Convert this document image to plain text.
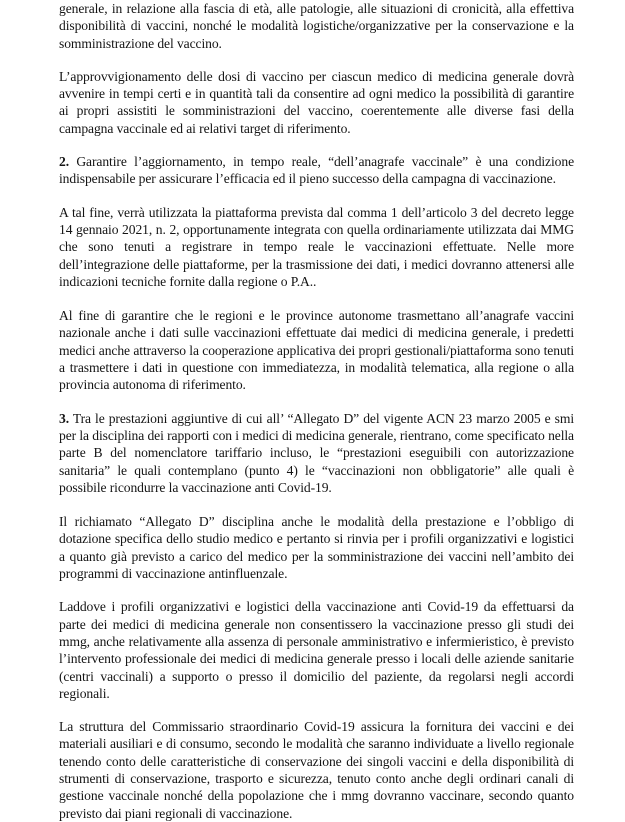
generale, in relazione alla fascia di età, alle patologie, alle situazioni di cronicità, alla effettiva disponibilità di vaccini, nonché le modalità logistiche/organizzative per la conservazione e la somministrazione del vaccino.

L’approvvigionamento delle dosi di vaccino per ciascun medico di medicina generale dovrà avvenire in tempi certi e in quantità tali da consentire ad ogni medico la possibilità di garantire ai propri assistiti le somministrazioni del vaccino, coerentemente alle diverse fasi della campagna vaccinale ed ai relativi target di riferimento.

2. Garantire l’aggiornamento, in tempo reale, “dell’anagrafe vaccinale” è una condizione indispensabile per assicurare l’efficacia ed il pieno successo della campagna di vaccinazione.

A tal fine, verrà utilizzata la piattaforma prevista dal comma 1 dell’articolo 3 del decreto legge 14 gennaio 2021, n. 2, opportunamente integrata con quella ordinariamente utilizzata dai MMG che sono tenuti a registrare in tempo reale le vaccinazioni effettuate. Nelle more dell’integrazione delle piattaforme, per la trasmissione dei dati, i medici dovranno attenersi alle indicazioni tecniche fornite dalla regione o P.A..

Al fine di garantire che le regioni e le province autonome trasmettano all’anagrafe vaccini nazionale anche i dati sulle vaccinazioni effettuate dai medici di medicina generale, i predetti medici anche attraverso la cooperazione applicativa dei propri gestionali/piattaforma sono tenuti a trasmettere i dati in questione con immediatezza, in modalità telematica, alla regione o alla provincia autonoma di riferimento.

3. Tra le prestazioni aggiuntive di cui all’ “Allegato D” del vigente ACN 23 marzo 2005 e smi per la disciplina dei rapporti con i medici di medicina generale, rientrano, come specificato nella parte B del nomenclatore tariffario incluso, le “prestazioni eseguibili con autorizzazione sanitaria” le quali contemplano (punto 4) le “vaccinazioni non obbligatorie” alle quali è possibile ricondurre la vaccinazione anti Covid-19.

Il richiamato “Allegato D” disciplina anche le modalità della prestazione e l’obbligo di dotazione specifica dello studio medico e pertanto si rinvia per i profili organizzativi e logistici a quanto già previsto a carico del medico per la somministrazione dei vaccini nell’ambito dei programmi di vaccinazione antinfluenzale.

Laddove i profili organizzativi e logistici della vaccinazione anti Covid-19 da effettuarsi da parte dei medici di medicina generale non consentissero la vaccinazione presso gli studi dei mmg, anche relativamente alla assenza di personale amministrativo e infermieristico, è previsto l’intervento professionale dei medici di medicina generale presso i locali delle aziende sanitarie (centri vaccinali) a supporto o presso il domicilio del paziente, da regolarsi negli accordi regionali.

La struttura del Commissario straordinario Covid-19 assicura la fornitura dei vaccini e dei materiali ausiliari e di consumo, secondo le modalità che saranno individuate a livello regionale tenendo conto delle caratteristiche di conservazione dei singoli vaccini e della disponibilità di strumenti di conservazione, trasporto e sicurezza, tenuto conto anche degli ordinari canali di gestione vaccinale nonché della popolazione che i mmg dovranno vaccinare, secondo quanto previsto dai piani regionali di vaccinazione.
